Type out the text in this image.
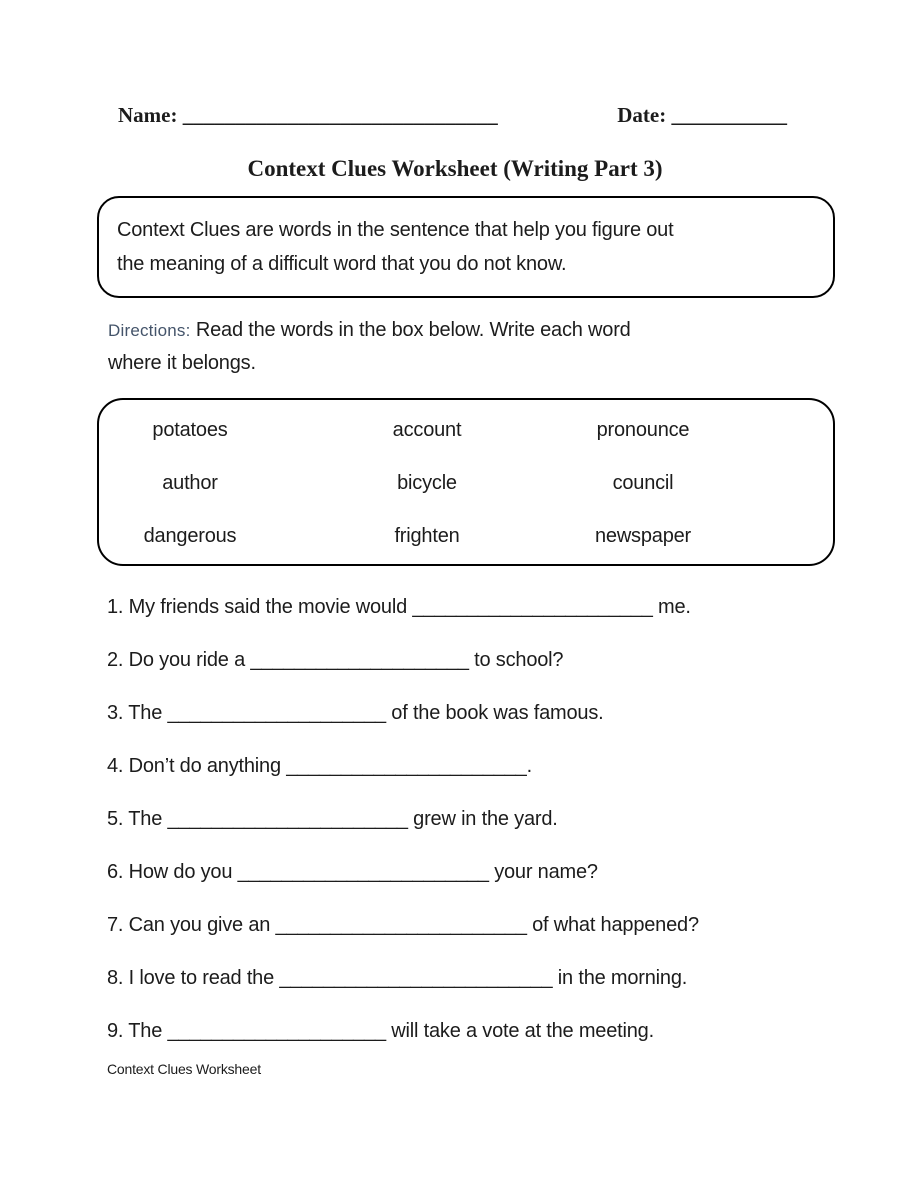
Name: ______________________________	Date: ___________
Context Clues Worksheet (Writing Part 3)
Context Clues are words in the sentence that help you figure out
the meaning of a difficult word that you do not know.
Directions: Read the words in the box below. Write each word
where it belongs.
potatoes	account	pronounce
author	bicycle	council
dangerous	frighten	newspaper
1. My friends said the movie would ______________________ me.
2. Do you ride a ____________________ to school?
3. The ____________________ of the book was famous.
4. Don’t do anything ______________________.
5. The ______________________ grew in the yard.
6. How do you _______________________ your name?
7. Can you give an _______________________ of what happened?
8. I love to read the _________________________ in the morning.
9. The ____________________ will take a vote at the meeting.
Context Clues Worksheet
